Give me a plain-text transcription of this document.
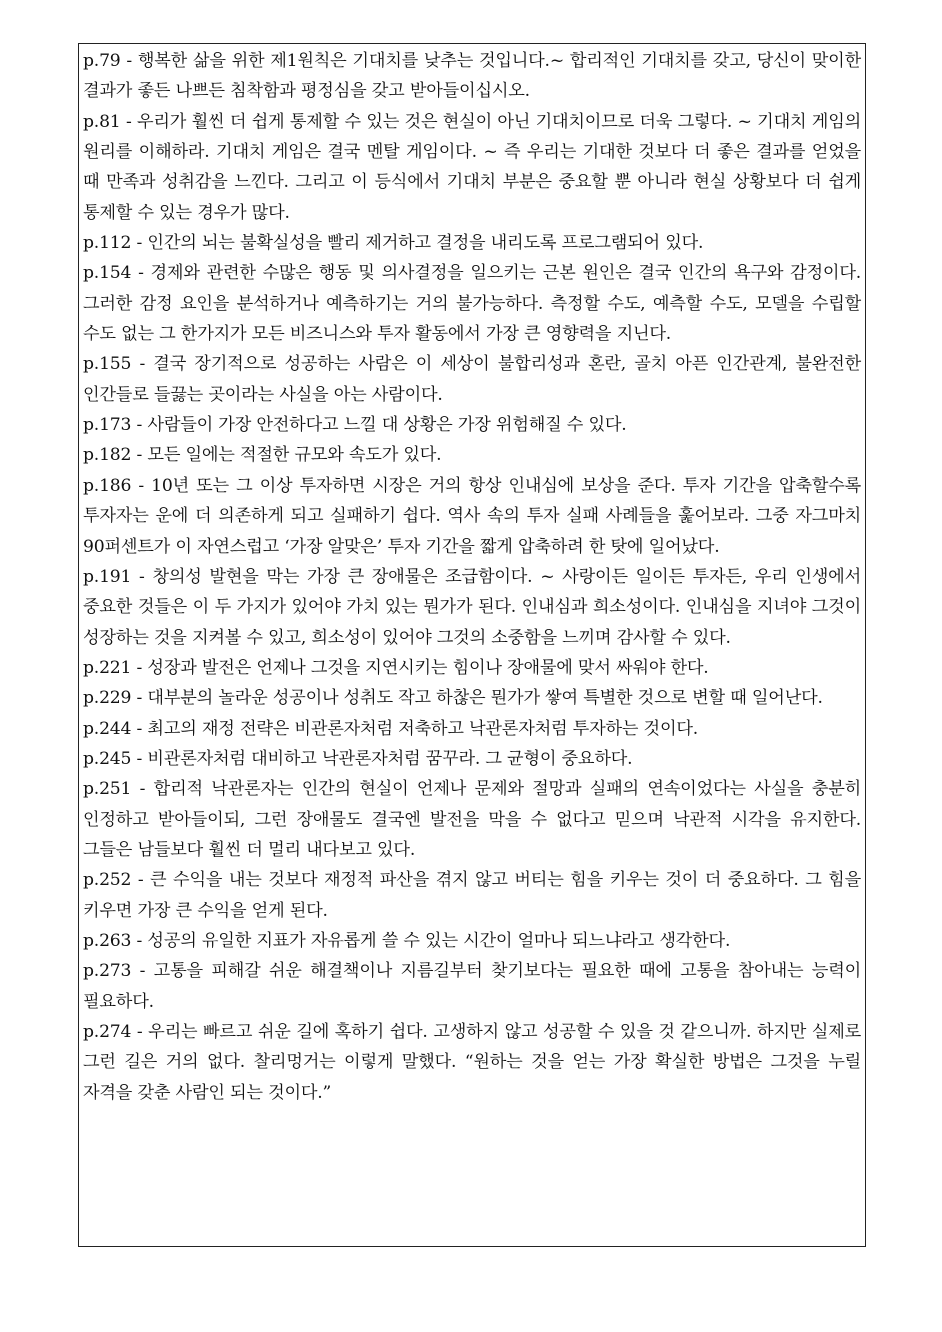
p.79 - 행복한 삶을 위한 제1원칙은 기대치를 낮추는 것입니다.~ 합리적인 기대치를 갖고, 당신이 맞이한 결과가 좋든 나쁘든 침착함과 평정심을 갖고 받아들이십시오.

p.81 - 우리가 훨씬 더 쉽게 통제할 수 있는 것은 현실이 아닌 기대치이므로 더욱 그렇다. ~ 기대치 게임의 원리를 이해하라. 기대치 게임은 결국 멘탈 게임이다. ~ 즉 우리는 기대한 것보다 더 좋은 결과를 얻었을 때 만족과 성취감을 느낀다. 그리고 이 등식에서 기대치 부분은 중요할 뿐 아니라 현실 상황보다 더 쉽게 통제할 수 있는 경우가 많다.

p.112 - 인간의 뇌는 불확실성을 빨리 제거하고 결정을 내리도록 프로그램되어 있다.

p.154 - 경제와 관련한 수많은 행동 및 의사결정을 일으키는 근본 원인은 결국 인간의 욕구와 감정이다. 그러한 감정 요인을 분석하거나 예측하기는 거의 불가능하다. 측정할 수도, 예측할 수도, 모델을 수립할 수도 없는 그 한가지가 모든 비즈니스와 투자 활동에서 가장 큰 영향력을 지닌다.

p.155 - 결국 장기적으로 성공하는 사람은 이 세상이 불합리성과 혼란, 골치 아픈 인간관계, 불완전한 인간들로 들끓는 곳이라는 사실을 아는 사람이다.

p.173 - 사람들이 가장 안전하다고 느낄 대 상황은 가장 위험해질 수 있다.

p.182 - 모든 일에는 적절한 규모와 속도가 있다.

p.186 - 10년 또는 그 이상 투자하면 시장은 거의 항상 인내심에 보상을 준다. 투자 기간을 압축할수록 투자자는 운에 더 의존하게 되고 실패하기 쉽다. 역사 속의 투자 실패 사례들을 훑어보라. 그중 자그마치 90퍼센트가 이 자연스럽고 ‘가장 알맞은’ 투자 기간을 짧게 압축하려 한 탓에 일어났다.

p.191 - 창의성 발현을 막는 가장 큰 장애물은 조급함이다. ~ 사랑이든 일이든 투자든, 우리 인생에서 중요한 것들은 이 두 가지가 있어야 가치 있는 뭔가가 된다. 인내심과 희소성이다. 인내심을 지녀야 그것이 성장하는 것을 지켜볼 수 있고, 희소성이 있어야 그것의 소중함을 느끼며 감사할 수 있다.

p.221 - 성장과 발전은 언제나 그것을 지연시키는 힘이나 장애물에 맞서 싸워야 한다.

p.229 - 대부분의 놀라운 성공이나 성취도 작고 하찮은 뭔가가 쌓여 특별한 것으로 변할 때 일어난다.

p.244 - 최고의 재정 전략은 비관론자처럼 저축하고 낙관론자처럼 투자하는 것이다.

p.245 - 비관론자처럼 대비하고 낙관론자처럼 꿈꾸라. 그 균형이 중요하다.

p.251 - 합리적 낙관론자는 인간의 현실이 언제나 문제와 절망과 실패의 연속이었다는 사실을 충분히 인정하고 받아들이되, 그런 장애물도 결국엔 발전을 막을 수 없다고 믿으며 낙관적 시각을 유지한다. 그들은 남들보다 훨씬 더 멀리 내다보고 있다.

p.252 - 큰 수익을 내는 것보다 재정적 파산을 겪지 않고 버티는 힘을 키우는 것이 더 중요하다. 그 힘을 키우면 가장 큰 수익을 얻게 된다.

p.263 - 성공의 유일한 지표가 자유롭게 쓸 수 있는 시간이 얼마나 되느냐라고 생각한다.

p.273 - 고통을 피해갈 쉬운 해결책이나 지름길부터 찾기보다는 필요한 때에 고통을 참아내는 능력이 필요하다.

p.274 - 우리는 빠르고 쉬운 길에 혹하기 쉽다. 고생하지 않고 성공할 수 있을 것 같으니까. 하지만 실제로 그런 길은 거의 없다. 찰리멍거는 이렇게 말했다. “원하는 것을 얻는 가장 확실한 방법은 그것을 누릴 자격을 갖춘 사람인 되는 것이다.”
